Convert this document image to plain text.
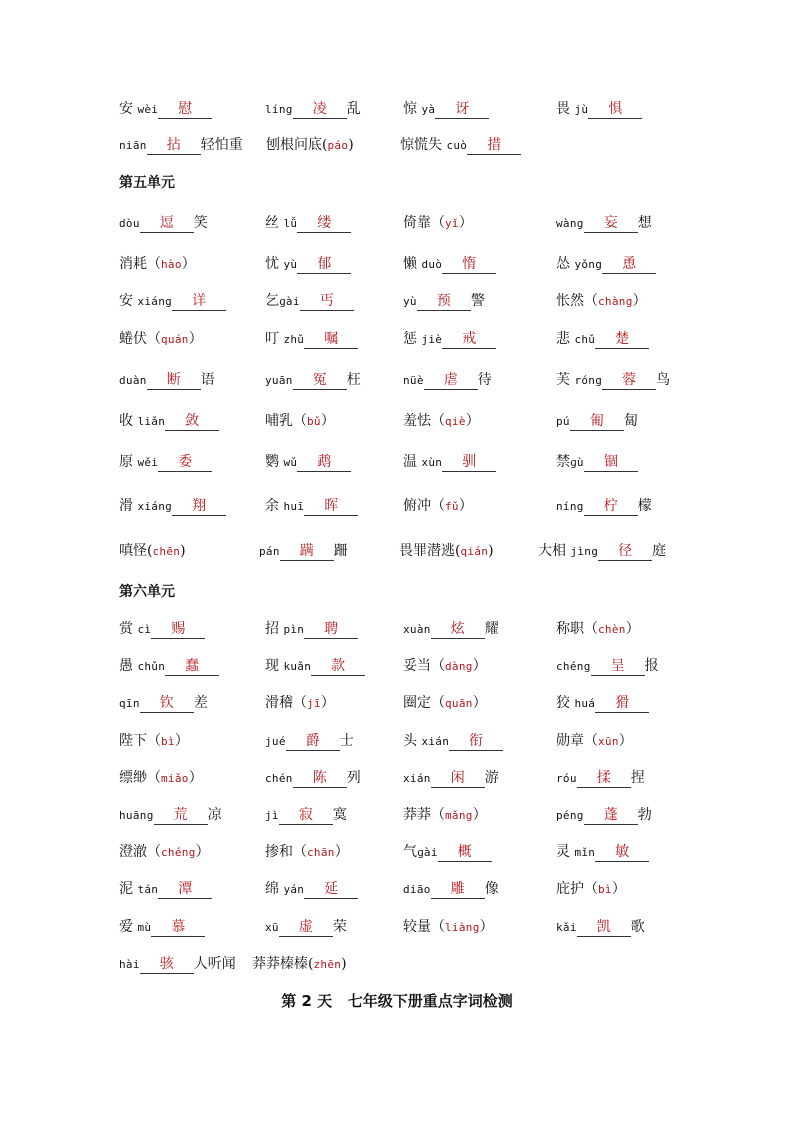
安 wèi 慰	líng 凌 乱	惊 yà 讶	畏 jù 惧
niān 拈 轻怕重 刨根问底(páo)	惊慌失 cuò 措
第五单元
dòu 逗 笑	丝 lǚ 缕	倚靠（yǐ）	wàng 妄 想
消耗（hào）	忧 yù 郁	懒 duò 惰	怂 yǒng 恿
安 xiáng 详	乞ɡài 丐	yù 预 警	怅然（chàng）
蜷伏（quán）	叮 zhǔ 嘱	惩 jiè 戒	悲 chǔ 楚
duàn 断 语	yuān 冤 枉	nüè 虐 待	芙 róng 蓉 鸟
收 liǎn 敛	哺乳（bǔ）	羞怯（qiè）	pú 匍 匐
原 wěi 委	鹦 wǔ 鹉	温 xùn 驯	禁ɡù 锢
滑 xiáng 翔	余 huī 晖	俯冲（fǔ）	níng 柠 檬
嗔怪(chēn)	pán 蹒 跚	畏罪潜逃(qián)	大相 jìng 径 庭
第六单元
赏 cì 赐	招 pìn 聘	xuàn 炫 耀	称职（chèn）
愚 chǔn 蠢	现 kuǎn 款	妥当（dàng）	chéng 呈 报
qīn 钦 差	滑稽（jī）	圈定（quān）	狡 huá 猾
陛下（bì）	jué 爵 士	头 xián 衔	勋章（xūn）
缥缈（miǎo）	chén 陈 列	xián 闲 游	róu 揉 捏
huāng 荒 凉	jì 寂 寞	莽莽（mǎng）	péng 蓬 勃
澄澈（chéng）	掺和（chān）	气ɡài 概	灵 mǐn 敏
泥 tán 潭	绵 yán 延	diāo 雕 像	庇护（bì）
爱 mù 慕	xū 虚 荣	较量（liàng）	kǎi 凯 歌
hài 骇 人听闻 莽莽榛榛(zhēn)
第 2 天   七年级下册重点字词检测
